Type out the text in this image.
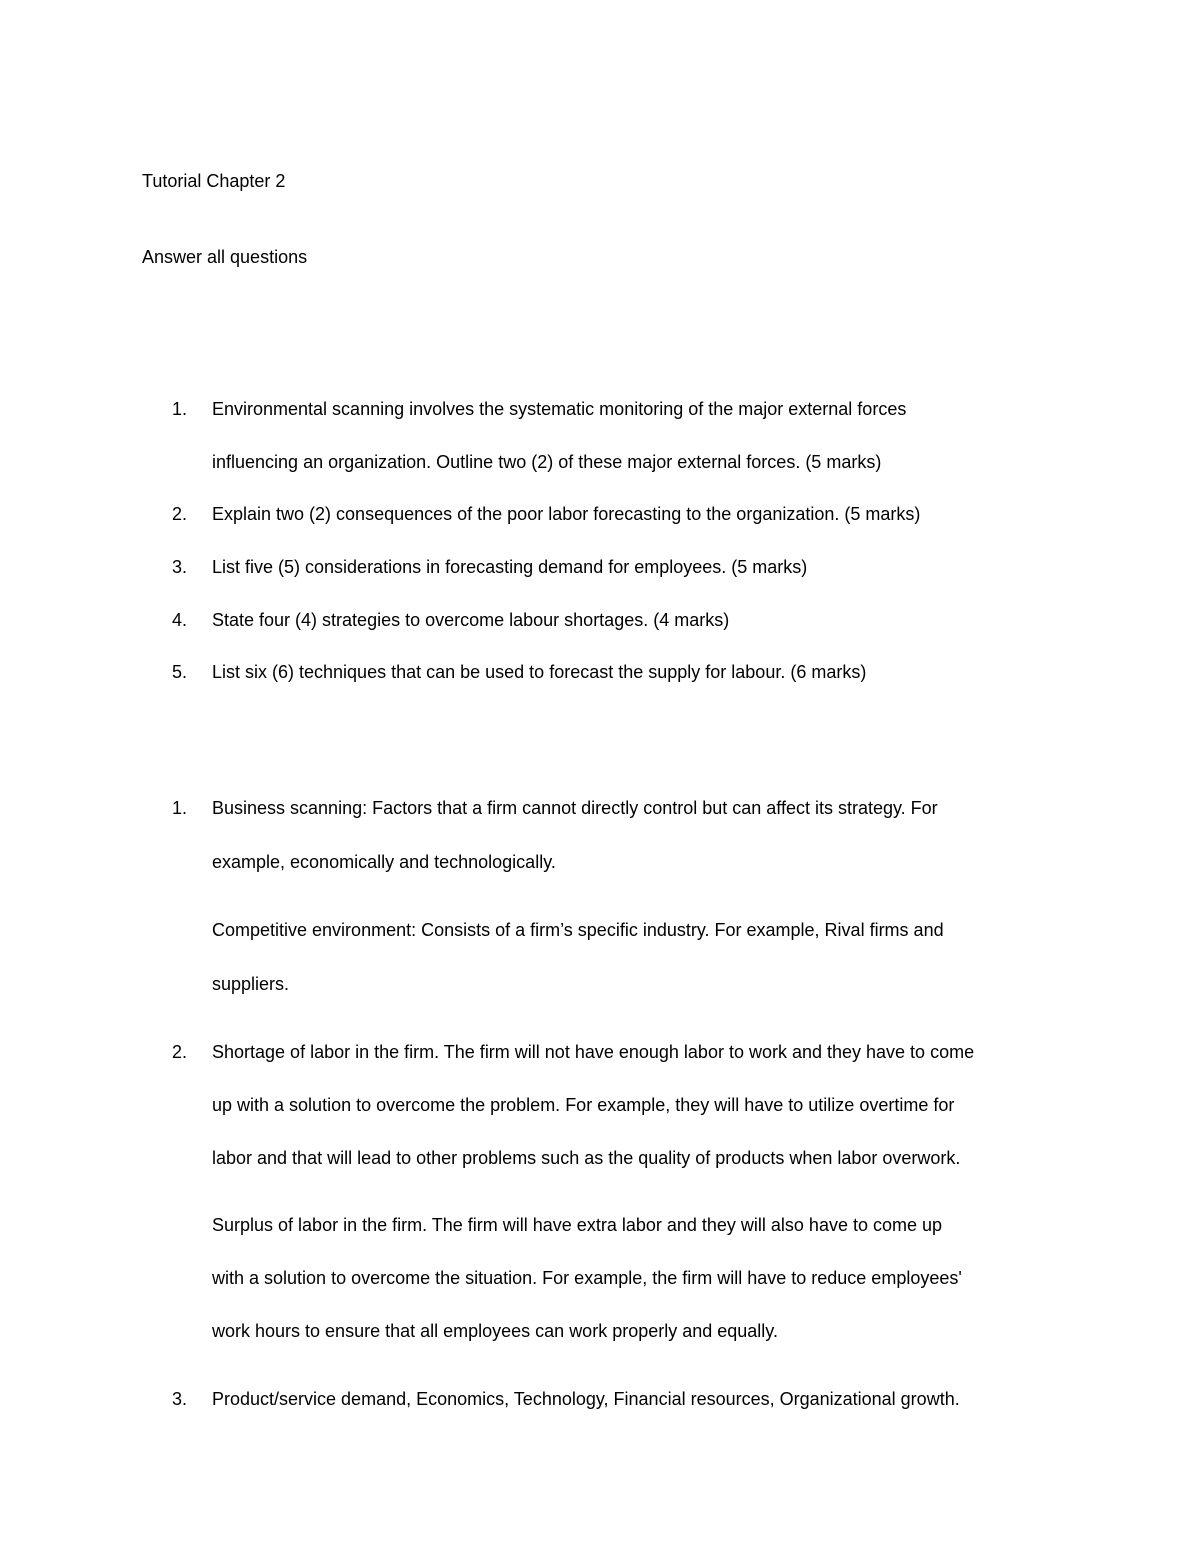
Tutorial Chapter 2
Answer all questions
1. Environmental scanning involves the systematic monitoring of the major external forces
influencing an organization. Outline two (2) of these major external forces. (5 marks)
2. Explain two (2) consequences of the poor labor forecasting to the organization. (5 marks)
3. List five (5) considerations in forecasting demand for employees. (5 marks)
4. State four (4) strategies to overcome labour shortages. (4 marks)
5. List six (6) techniques that can be used to forecast the supply for labour. (6 marks)
1. Business scanning: Factors that a firm cannot directly control but can affect its strategy. For
example, economically and technologically.
Competitive environment: Consists of a firm’s specific industry. For example, Rival firms and
suppliers.
2. Shortage of labor in the firm. The firm will not have enough labor to work and they have to come
up with a solution to overcome the problem. For example, they will have to utilize overtime for
labor and that will lead to other problems such as the quality of products when labor overwork.
Surplus of labor in the firm. The firm will have extra labor and they will also have to come up
with a solution to overcome the situation. For example, the firm will have to reduce employees'
work hours to ensure that all employees can work properly and equally.
3. Product/service demand, Economics, Technology, Financial resources, Organizational growth.
